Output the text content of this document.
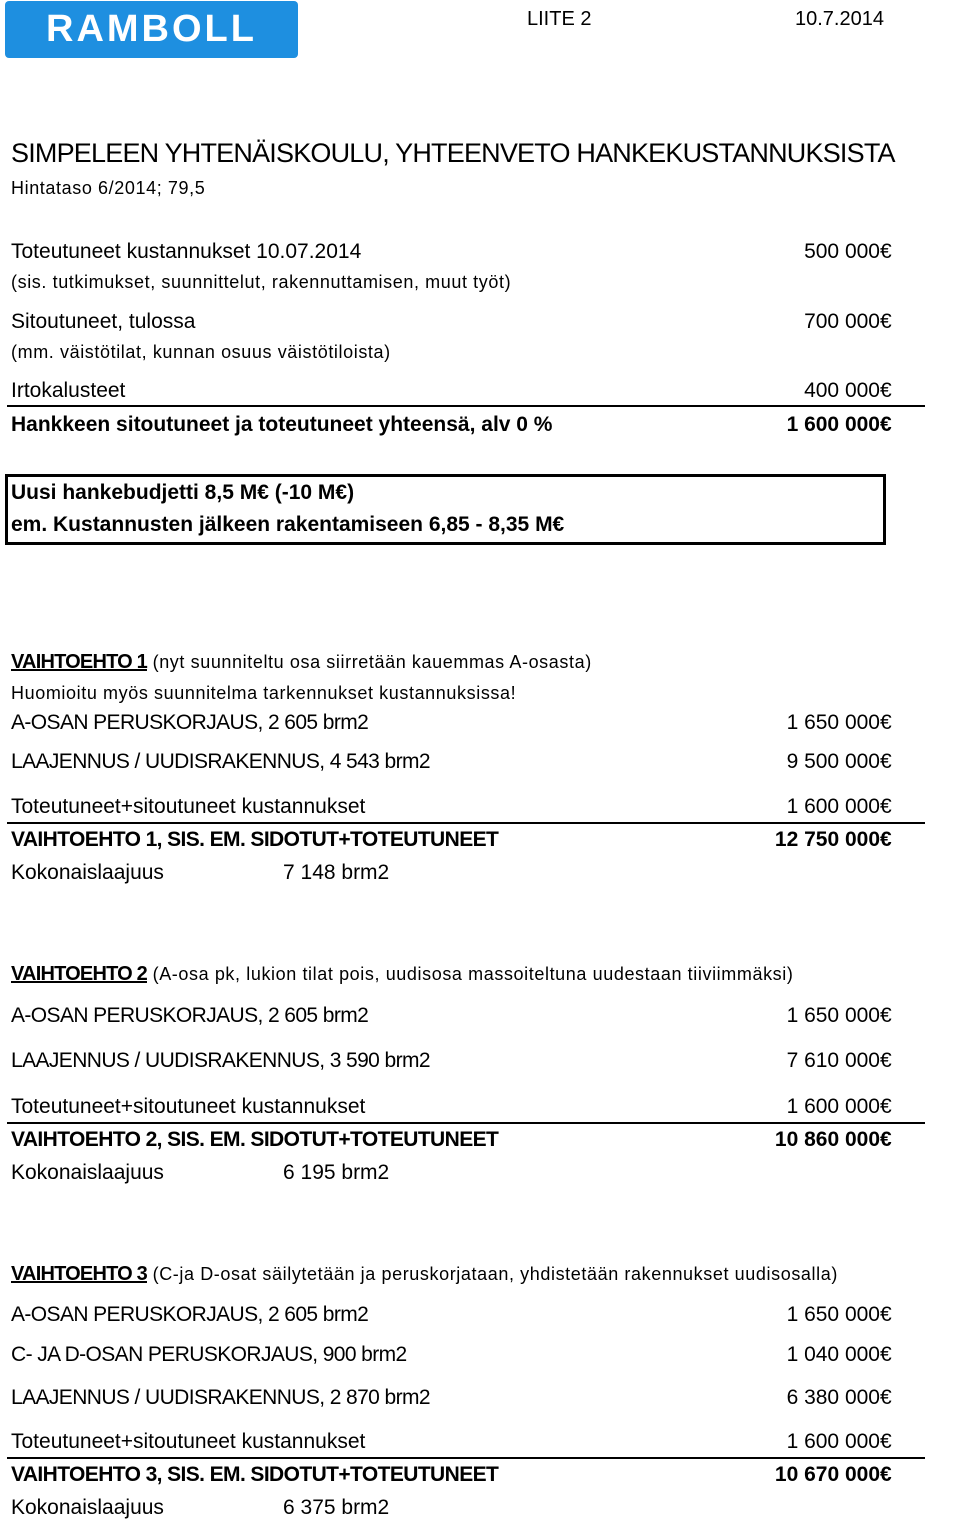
RAMBOLL	LIITE 2	10.7.2014
SIMPELEEN YHTENÄISKOULU, YHTEENVETO HANKEKUSTANNUKSISTA
Hintataso 6/2014; 79,5
Toteutuneet kustannukset 10.07.2014	500 000 €
(sis. tutkimukset, suunnittelut, rakennuttamisen, muut työt)
Sitoutuneet, tulossa	700 000 €
(mm. väistötilat, kunnan osuus väistötiloista)
Irtokalusteet	400 000 €
Hankkeen sitoutuneet ja toteutuneet yhteensä, alv 0 %	1 600 000 €
Uusi hankebudjetti 8,5 M€ (-10 M€)
em. Kustannusten jälkeen rakentamiseen 6,85 - 8,35 M€
VAIHTOEHTO 1 (nyt suunniteltu osa siirretään kauemmas A-osasta)
Huomioitu myös suunnitelma tarkennukset kustannuksissa!
A-OSAN PERUSKORJAUS, 2 605 brm2	1 650 000 €
LAAJENNUS / UUDISRAKENNUS, 4 543 brm2	9 500 000 €
Toteutuneet+sitoutuneet kustannukset	1 600 000 €
VAIHTOEHTO 1, SIS. EM. SIDOTUT+TOTEUTUNEET	12 750 000 €
Kokonaislaajuus	7 148 brm2
VAIHTOEHTO 2 (A-osa pk, lukion tilat pois, uudisosa massoiteltuna uudestaan tiiviimmäksi)
A-OSAN PERUSKORJAUS, 2 605 brm2	1 650 000 €
LAAJENNUS / UUDISRAKENNUS, 3 590 brm2	7 610 000 €
Toteutuneet+sitoutuneet kustannukset	1 600 000 €
VAIHTOEHTO 2, SIS. EM. SIDOTUT+TOTEUTUNEET	10 860 000 €
Kokonaislaajuus	6 195 brm2
VAIHTOEHTO 3 (C-ja D-osat säilytetään ja peruskorjataan, yhdistetään rakennukset uudisosalla)
A-OSAN PERUSKORJAUS, 2 605 brm2	1 650 000 €
C- JA D-OSAN PERUSKORJAUS, 900 brm2	1 040 000 €
LAAJENNUS / UUDISRAKENNUS, 2 870 brm2	6 380 000 €
Toteutuneet+sitoutuneet kustannukset	1 600 000 €
VAIHTOEHTO 3, SIS. EM. SIDOTUT+TOTEUTUNEET	10 670 000 €
Kokonaislaajuus	6 375 brm2
